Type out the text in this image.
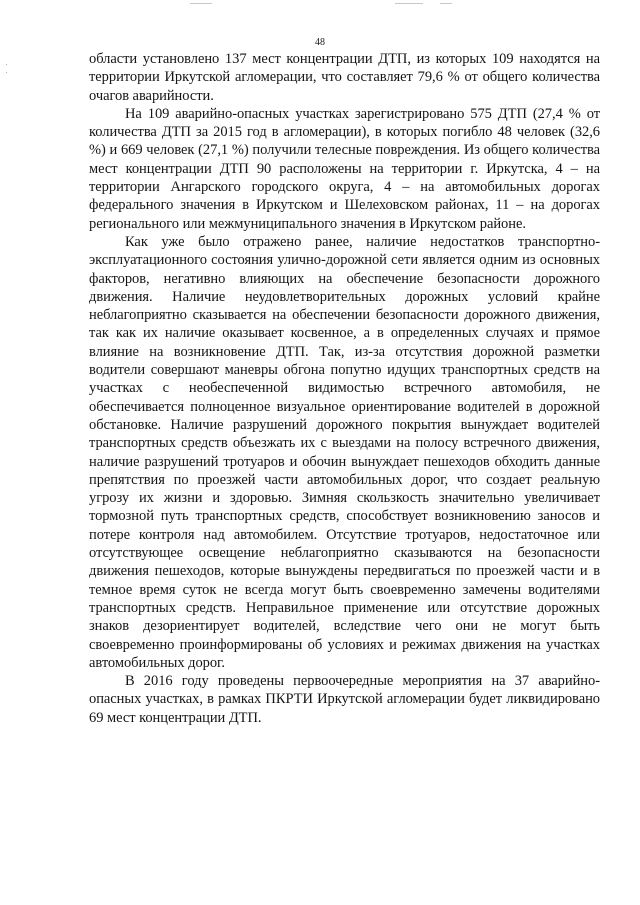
48

области установлено 137 мест концентрации ДТП, из которых 109 находятся на территории Иркутской агломерации, что составляет 79,6 % от общего количества очагов аварийности.

На 109 аварийно-опасных участках зарегистрировано 575 ДТП (27,4 % от количества ДТП за 2015 год в агломерации), в которых погибло 48 человек (32,6 %) и 669 человек (27,1 %) получили телесные повреждения. Из общего количества мест концентрации ДТП 90 расположены на территории г. Иркутска, 4 – на территории Ангарского городского округа, 4 – на автомобильных дорогах федерального значения в Иркутском и Шелеховском районах, 11 – на дорогах регионального или межмуниципального значения в Иркутском районе.

Как уже было отражено ранее, наличие недостатков транспортно-эксплуатационного состояния улично-дорожной сети является одним из основных факторов, негативно влияющих на обеспечение безопасности дорожного движения. Наличие неудовлетворительных дорожных условий крайне неблагоприятно сказывается на обеспечении безопасности дорожного движения, так как их наличие оказывает косвенное, а в определенных случаях и прямое влияние на возникновение ДТП. Так, из-за отсутствия дорожной разметки водители совершают маневры обгона попутно идущих транспортных средств на участках с необеспеченной видимостью встречного автомобиля, не обеспечивается полноценное визуальное ориентирование водителей в дорожной обстановке. Наличие разрушений дорожного покрытия вынуждает водителей транспортных средств объезжать их с выездами на полосу встречного движения, наличие разрушений тротуаров и обочин вынуждает пешеходов обходить данные препятствия по проезжей части автомобильных дорог, что создает реальную угрозу их жизни и здоровью. Зимняя скользкость значительно увеличивает тормозной путь транспортных средств, способствует возникновению заносов и потере контроля над автомобилем. Отсутствие тротуаров, недостаточное или отсутствующее освещение неблагоприятно сказываются на безопасности движения пешеходов, которые вынуждены передвигаться по проезжей части и в темное время суток не всегда могут быть своевременно замечены водителями транспортных средств. Неправильное применение или отсутствие дорожных знаков дезориентирует водителей, вследствие чего они не могут быть своевременно проинформированы об условиях и режимах движения на участках автомобильных дорог.

В 2016 году проведены первоочередные мероприятия на 37 аварийно-опасных участках, в рамках ПКРТИ Иркутской агломерации будет ликвидировано 69 мест концентрации ДТП.
